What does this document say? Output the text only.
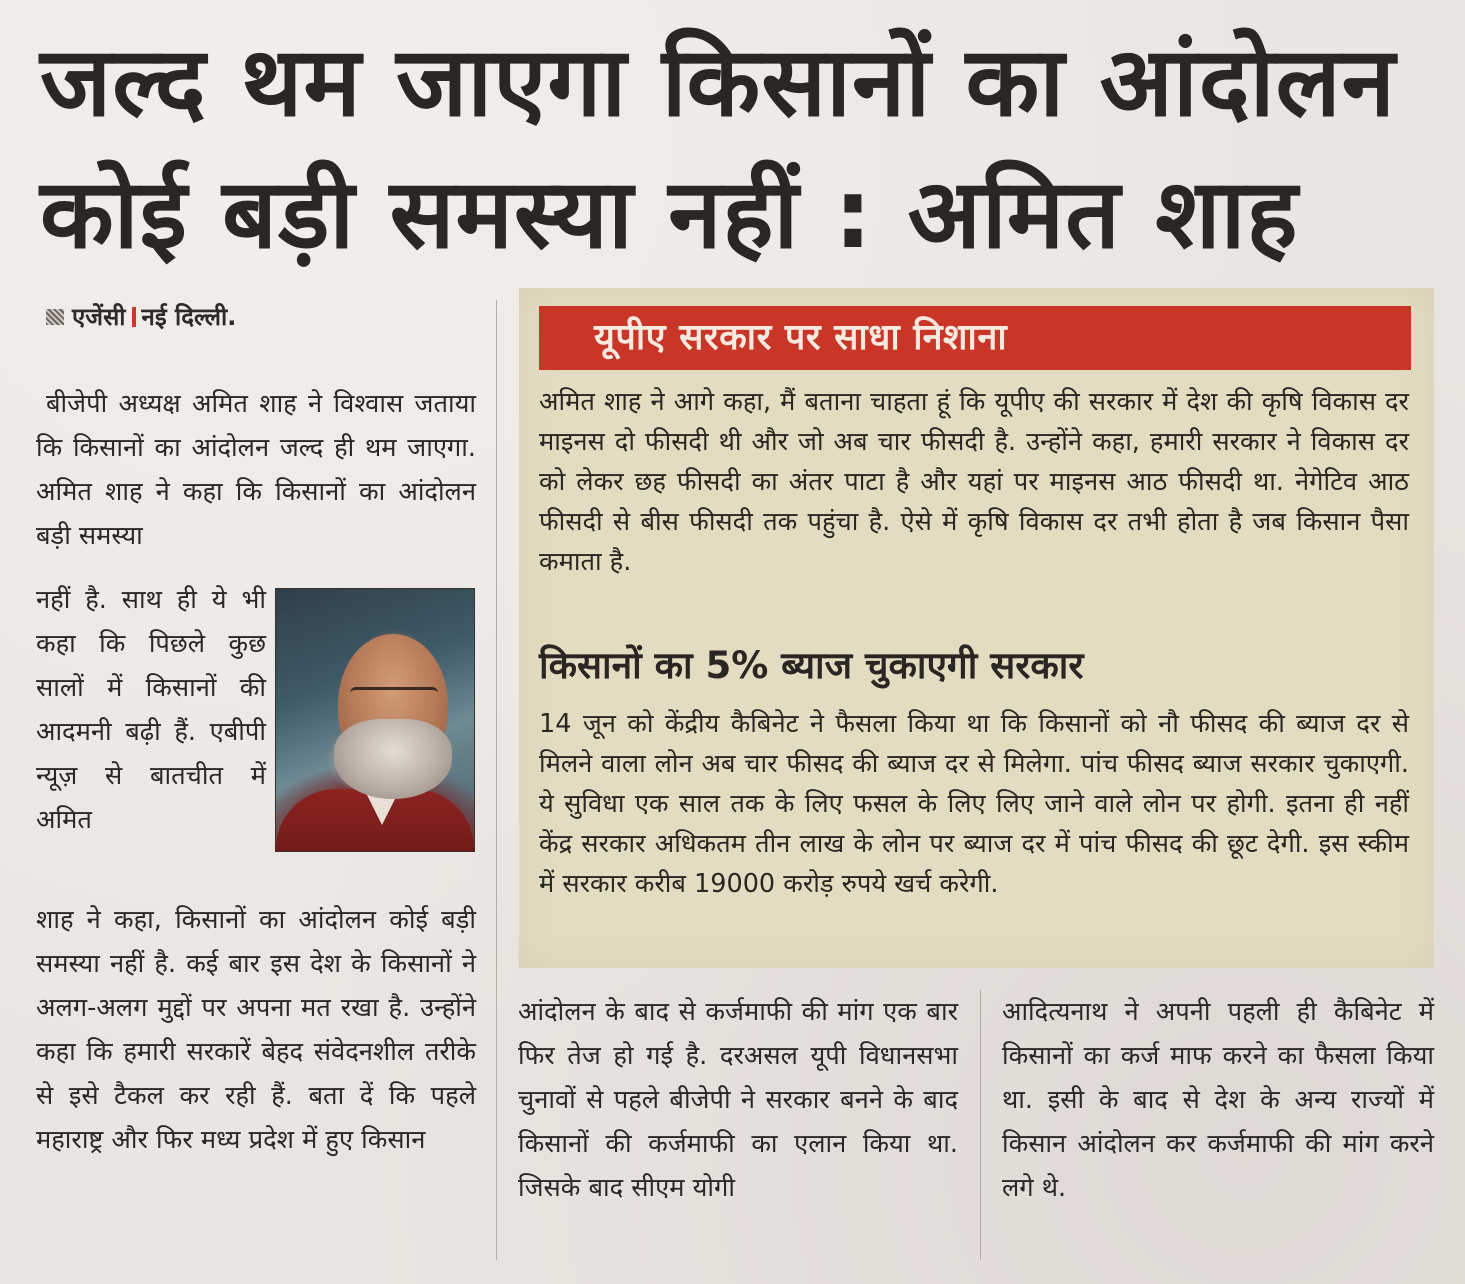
जल्द थम जाएगा किसानों का आंदोलन
कोई बड़ी समस्या नहीं : अमित शाह
एजेंसी नई दिल्ली.

बीजेपी अध्यक्ष अमित शाह ने विश्वास जताया कि किसानों का आंदोलन जल्द ही थम जाएगा. अमित शाह ने कहा कि किसानों का आंदोलन बड़ी समस्या

नहीं है. साथ ही ये भी कहा कि पिछले कुछ सालों में किसानों की आदमनी बढ़ी हैं. एबीपी न्यूज़ से बातचीत में अमित

शाह ने कहा, किसानों का आंदोलन कोई बड़ी समस्या नहीं है. कई बार इस देश के किसानों ने अलग-अलग मुद्दों पर अपना मत रखा है. उन्होंने कहा कि हमारी सरकारें बेहद संवेदनशील तरीके से इसे टैकल कर रही हैं. बता दें कि पहले महाराष्ट्र और फिर मध्य प्रदेश में हुए किसान

यूपीए सरकार पर साधा निशाना

अमित शाह ने आगे कहा, मैं बताना चाहता हूं कि यूपीए की सरकार में देश की कृषि विकास दर माइनस दो फीसदी थी और जो अब चार फीसदी है. उन्होंने कहा, हमारी सरकार ने विकास दर को लेकर छह फीसदी का अंतर पाटा है और यहां पर माइनस आठ फीसदी था. नेगेटिव आठ फीसदी से बीस फीसदी तक पहुंचा है. ऐसे में कृषि विकास दर तभी होता है जब किसान पैसा कमाता है.

किसानों का 5% ब्याज चुकाएगी सरकार

14 जून को केंद्रीय कैबिनेट ने फैसला किया था कि किसानों को नौ फीसद की ब्याज दर से मिलने वाला लोन अब चार फीसद की ब्याज दर से मिलेगा. पांच फीसद ब्याज सरकार चुकाएगी. ये सुविधा एक साल तक के लिए फसल के लिए लिए जाने वाले लोन पर होगी. इतना ही नहीं केंद्र सरकार अधिकतम तीन लाख के लोन पर ब्याज दर में पांच फीसद की छूट देगी. इस स्कीम में सरकार करीब 19000 करोड़ रुपये खर्च करेगी.

आंदोलन के बाद से कर्जमाफी की मांग एक बार फिर तेज हो गई है. दरअसल यूपी विधानसभा चुनावों से पहले बीजेपी ने सरकार बनने के बाद किसानों की कर्जमाफी का एलान किया था. जिसके बाद सीएम योगी

आदित्यनाथ ने अपनी पहली ही कैबिनेट में किसानों का कर्ज माफ करने का फैसला किया था. इसी के बाद से देश के अन्य राज्यों में किसान आंदोलन कर कर्जमाफी की मांग करने लगे थे.
